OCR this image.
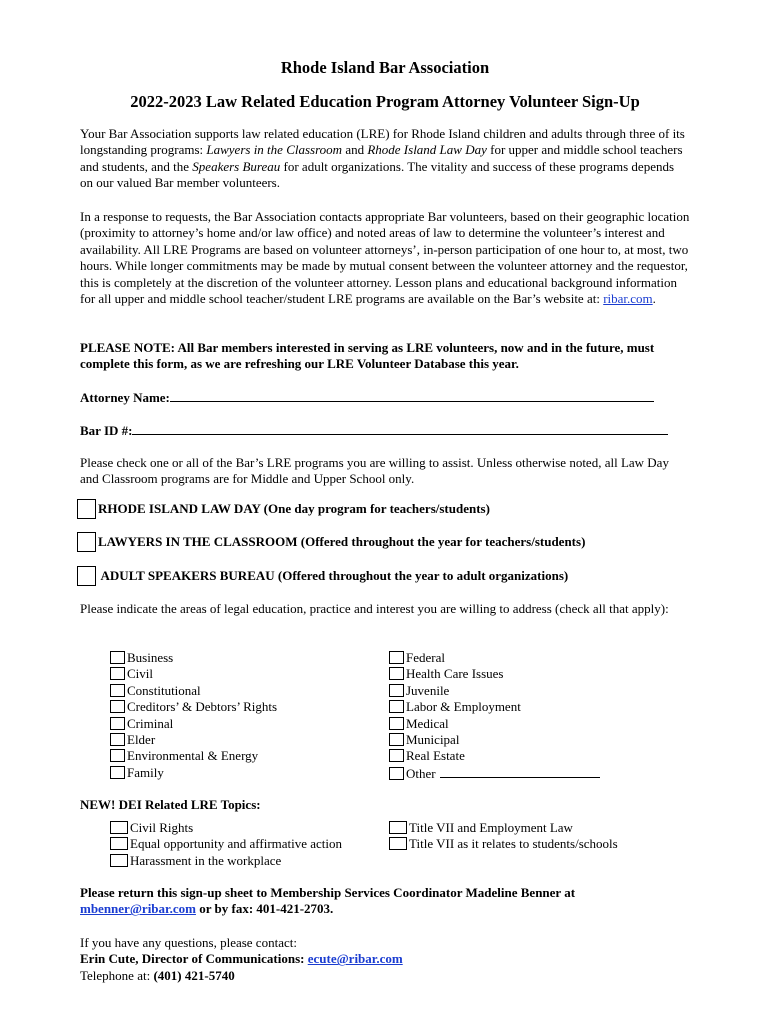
Rhode Island Bar Association
2022-2023 Law Related Education Program Attorney Volunteer Sign-Up
Your Bar Association supports law related education (LRE) for Rhode Island children and adults through three of its longstanding programs: Lawyers in the Classroom and Rhode Island Law Day for upper and middle school teachers and students, and the Speakers Bureau for adult organizations. The vitality and success of these programs depends on our valued Bar member volunteers.
In a response to requests, the Bar Association contacts appropriate Bar volunteers, based on their geographic location (proximity to attorney’s home and/or law office) and noted areas of law to determine the volunteer’s interest and availability. All LRE Programs are based on volunteer attorneys’, in-person participation of one hour to, at most, two hours. While longer commitments may be made by mutual consent between the volunteer attorney and the requestor, this is completely at the discretion of the volunteer attorney. Lesson plans and educational background information for all upper and middle school teacher/student LRE programs are available on the Bar’s website at: ribar.com.
PLEASE NOTE: All Bar members interested in serving as LRE volunteers, now and in the future, must complete this form, as we are refreshing our LRE Volunteer Database this year.
Attorney Name:
Bar ID #:
Please check one or all of the Bar’s LRE programs you are willing to assist. Unless otherwise noted, all Law Day and Classroom programs are for Middle and Upper School only.
RHODE ISLAND LAW DAY (One day program for teachers/students)
LAWYERS IN THE CLASSROOM (Offered throughout the year for teachers/students)
ADULT SPEAKERS BUREAU (Offered throughout the year to adult organizations)
Please indicate the areas of legal education, practice and interest you are willing to address (check all that apply):
Business
Civil
Constitutional
Creditors’ & Debtors’ Rights
Criminal
Elder
Environmental & Energy
Family
Federal
Health Care Issues
Juvenile
Labor & Employment
Medical
Municipal
Real Estate
Other
NEW! DEI Related LRE Topics:
Civil Rights
Equal opportunity and affirmative action
Harassment in the workplace
Title VII and Employment Law
Title VII as it relates to students/schools
Please return this sign-up sheet to Membership Services Coordinator Madeline Benner at mbenner@ribar.com or by fax: 401-421-2703.
If you have any questions, please contact:
Erin Cute, Director of Communications: ecute@ribar.com
Telephone at: (401) 421-5740
